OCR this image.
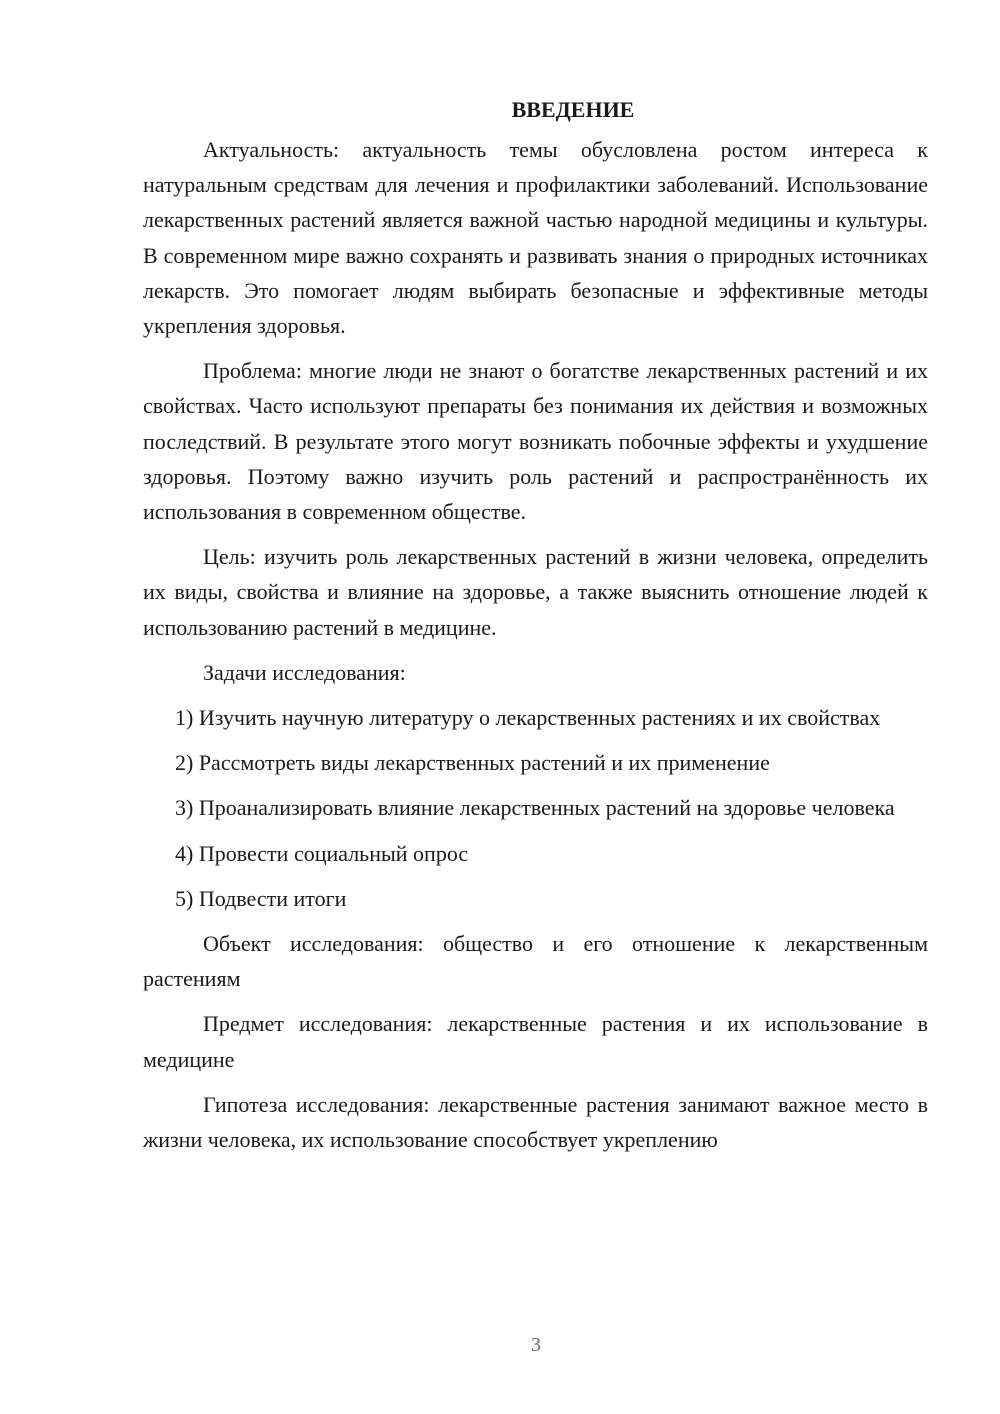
ВВЕДЕНИЕ

Актуальность: актуальность темы обусловлена ростом интереса к натуральным средствам для лечения и профилактики заболеваний. Использование лекарственных растений является важной частью народной медицины и культуры. В современном мире важно сохранять и развивать знания о природных источниках лекарств. Это помогает людям выбирать безопасные и эффективные методы укрепления здоровья.

Проблема: многие люди не знают о богатстве лекарственных растений и их свойствах. Часто используют препараты без понимания их действия и возможных последствий. В результате этого могут возникать побочные эффекты и ухудшение здоровья. Поэтому важно изучить роль растений и распространённость их использования в современном обществе.

Цель: изучить роль лекарственных растений в жизни человека, определить их виды, свойства и влияние на здоровье, а также выяснить отношение людей к использованию растений в медицине.

Задачи исследования:

1) Изучить научную литературу о лекарственных растениях и их свойствах

2) Рассмотреть виды лекарственных растений и их применение

3) Проанализировать влияние лекарственных растений на здоровье человека

4) Провести социальный опрос

5) Подвести итоги

Объект исследования: общество и его отношение к лекарственным растениям

Предмет исследования: лекарственные растения и их использование в медицине

Гипотеза исследования: лекарственные растения занимают важное место в жизни человека, их использование способствует укреплению

3
